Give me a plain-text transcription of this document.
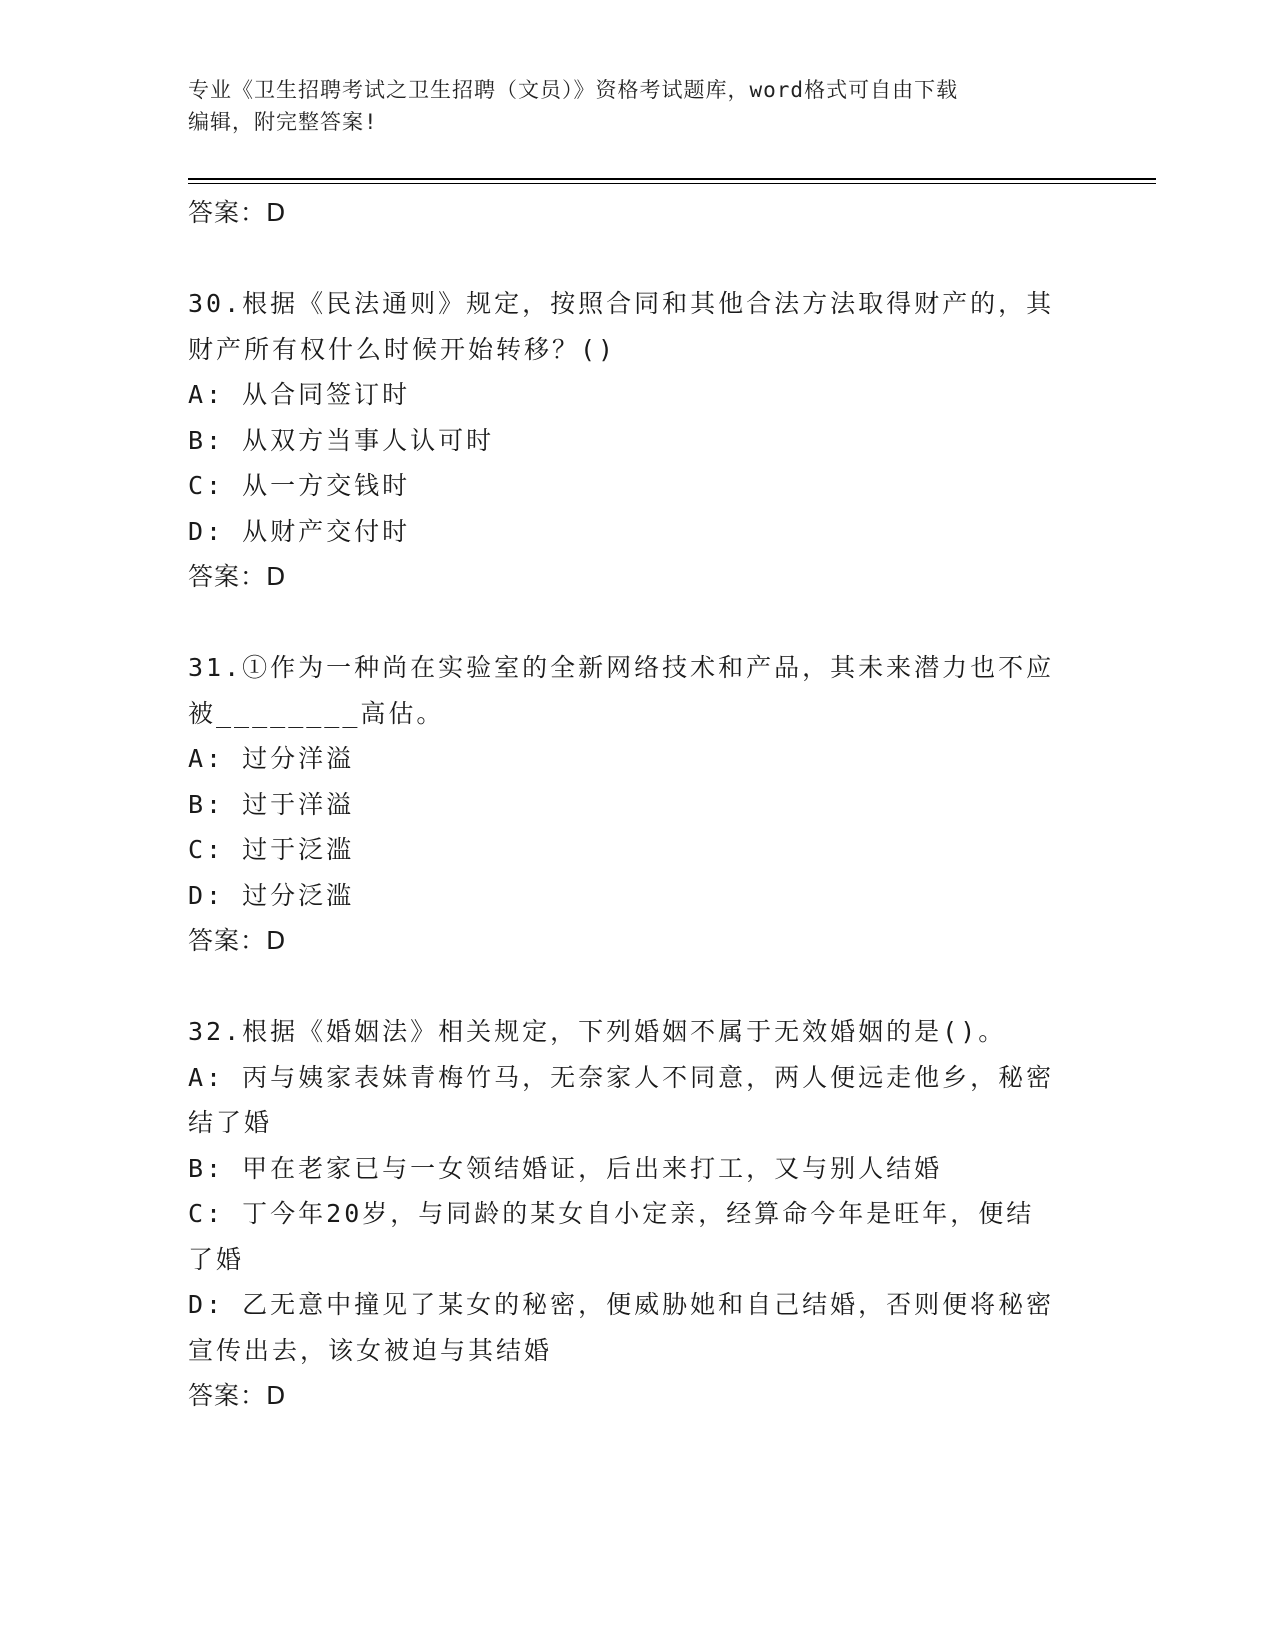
专业《卫生招聘考试之卫生招聘（文员）》资格考试题库，word格式可自由下载
编辑，附完整答案!
答案：D
30.根据《民法通则》规定，按照合同和其他合法方法取得财产的，其
财产所有权什么时候开始转移？()
A: 从合同签订时
B: 从双方当事人认可时
C: 从一方交钱时
D: 从财产交付时
答案：D
31.①作为一种尚在实验室的全新网络技术和产品，其未来潜力也不应
被________高估。
A: 过分洋溢
B: 过于洋溢
C: 过于泛滥
D: 过分泛滥
答案：D
32.根据《婚姻法》相关规定，下列婚姻不属于无效婚姻的是()。
A: 丙与姨家表妹青梅竹马，无奈家人不同意，两人便远走他乡，秘密
结了婚
B: 甲在老家已与一女领结婚证，后出来打工，又与别人结婚
C: 丁今年20岁，与同龄的某女自小定亲，经算命今年是旺年，便结
了婚
D: 乙无意中撞见了某女的秘密，便威胁她和自己结婚，否则便将秘密
宣传出去，该女被迫与其结婚
答案：D
